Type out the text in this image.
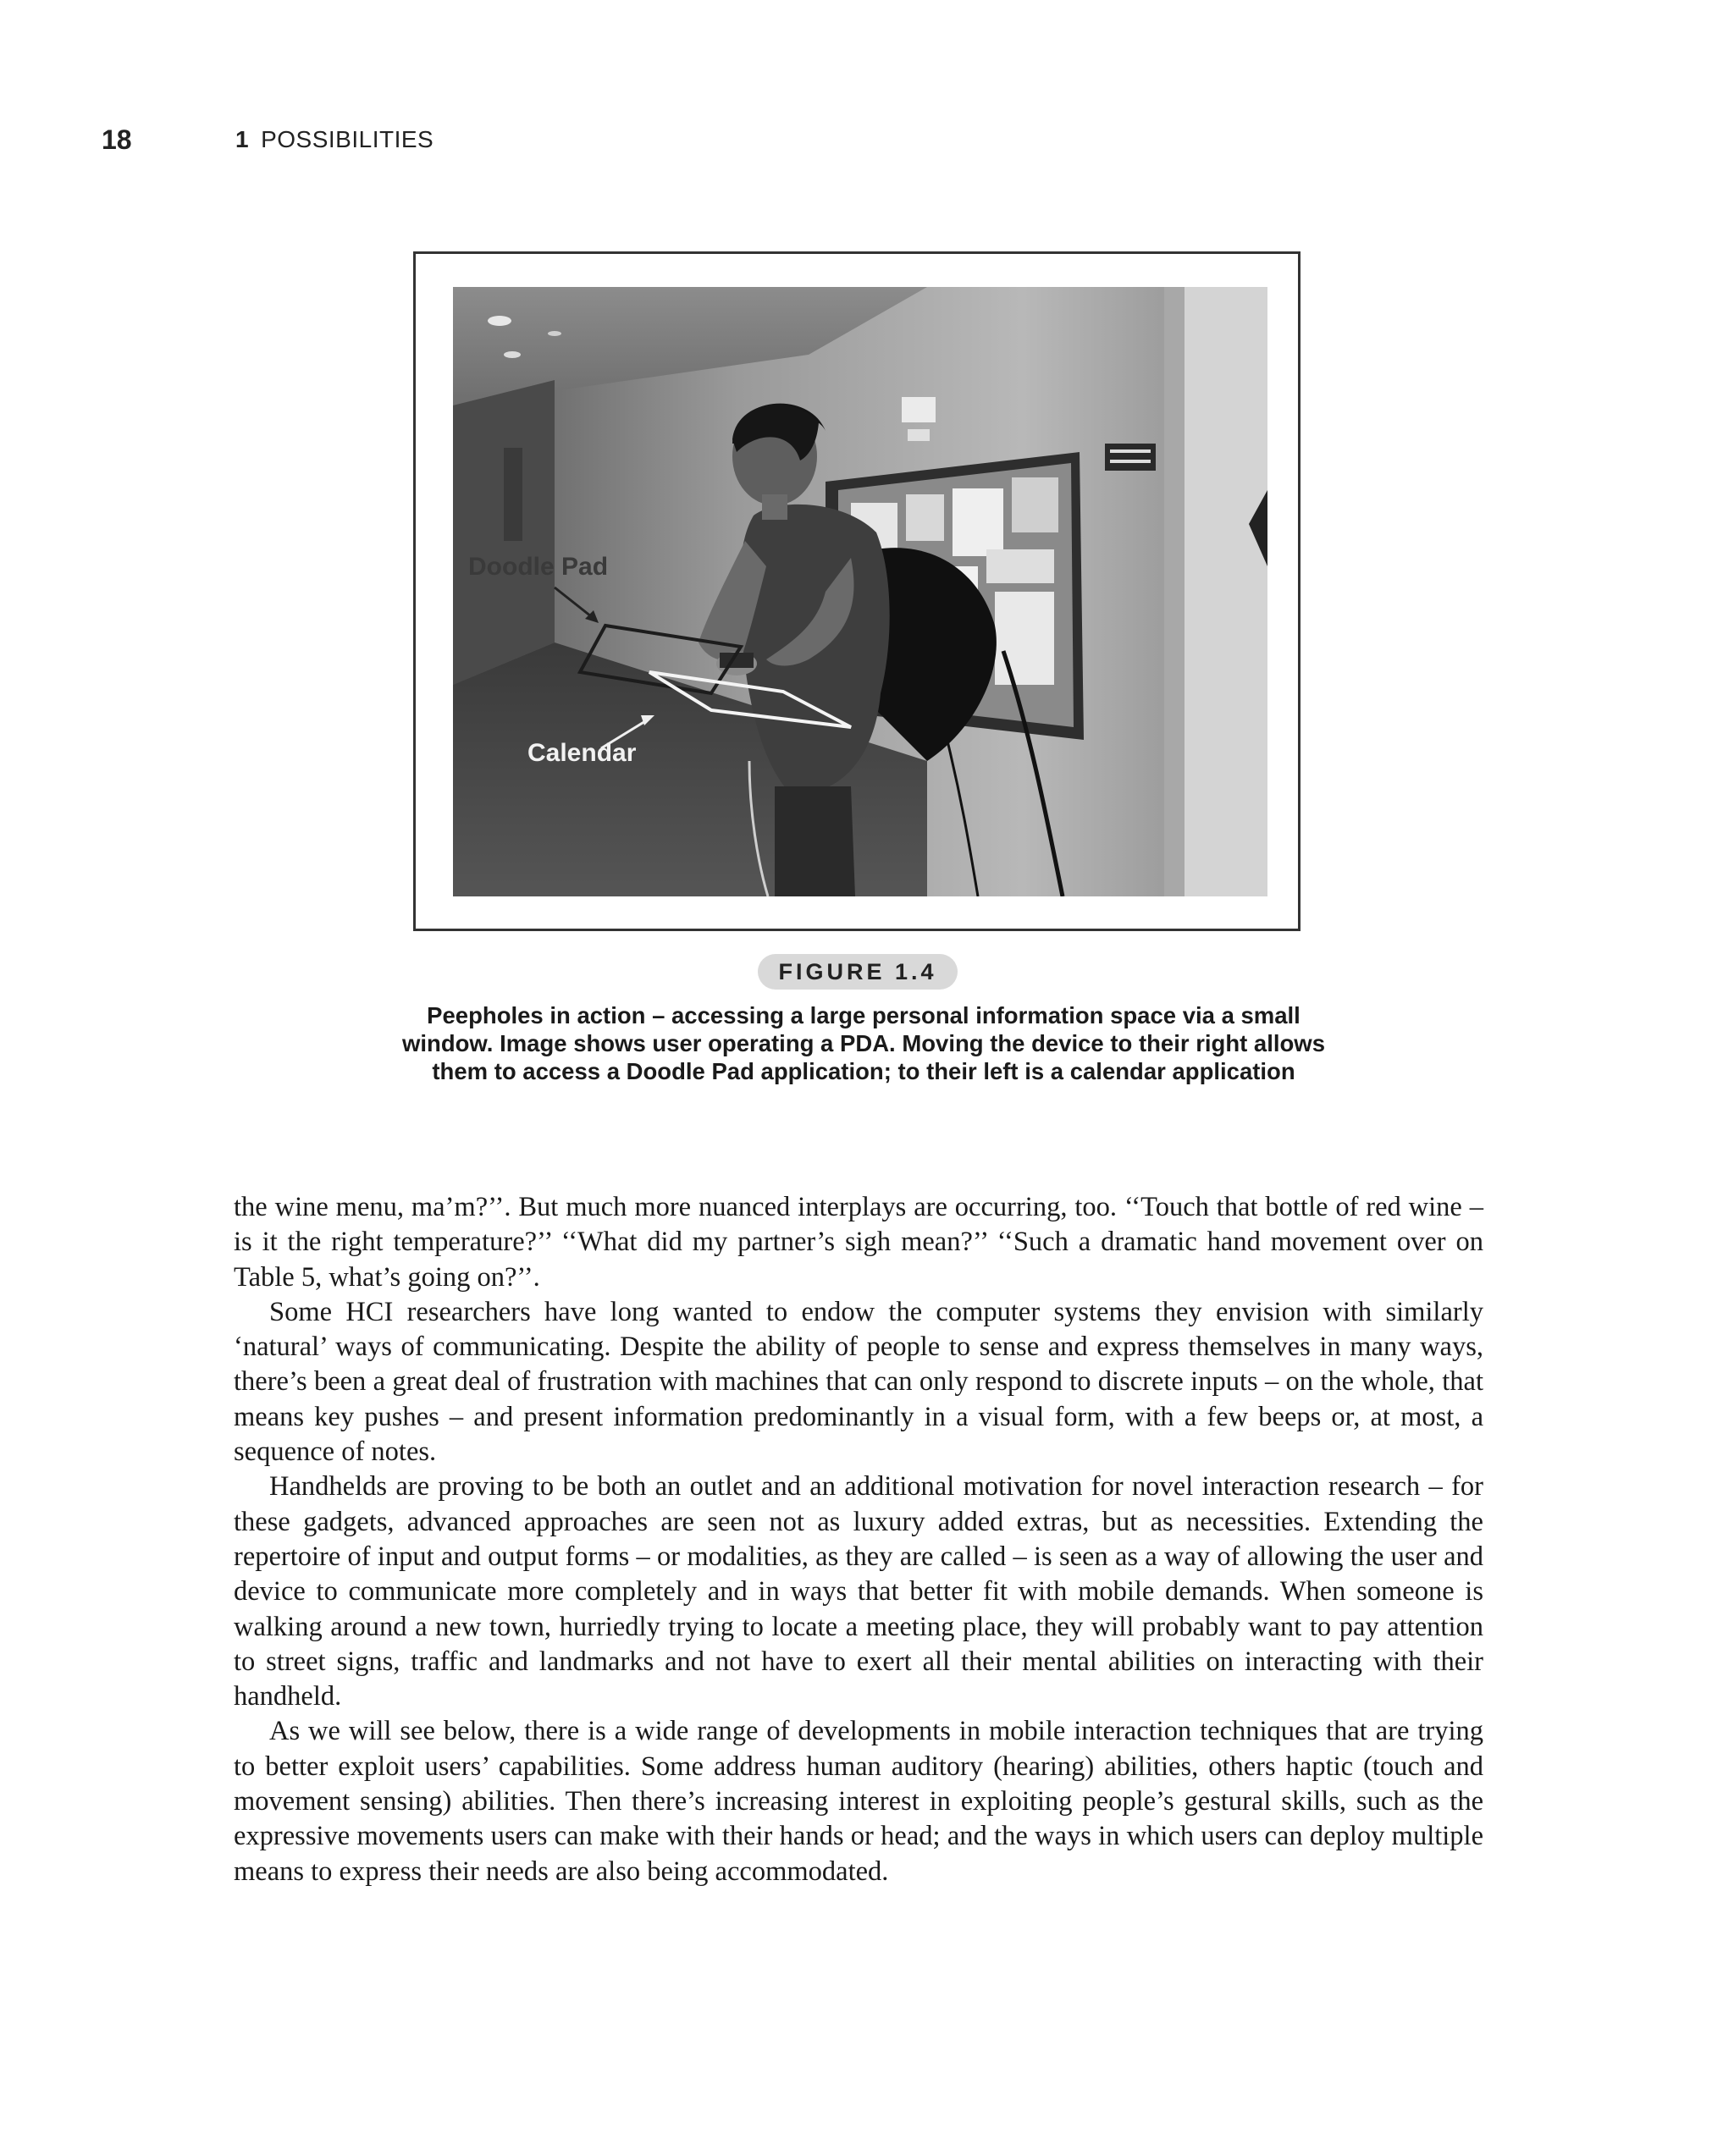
18	1 POSSIBILITIES
Doodle Pad
Calendar
FIGURE 1.4
Peepholes in action – accessing a large personal information space via a small window. Image shows user operating a PDA. Moving the device to their right allows them to access a Doodle Pad application; to their left is a calendar application

the wine menu, ma’m?’’. But much more nuanced interplays are occurring, too. ‘‘Touch that bottle of red wine – is it the right temperature?’’ ‘‘What did my partner’s sigh mean?’’ ‘‘Such a dramatic hand movement over on Table 5, what’s going on?’’.

Some HCI researchers have long wanted to endow the computer systems they envision with similarly ‘natural’ ways of communicating. Despite the ability of people to sense and express themselves in many ways, there’s been a great deal of frustration with machines that can only respond to discrete inputs – on the whole, that means key pushes – and present information predominantly in a visual form, with a few beeps or, at most, a sequence of notes.

Handhelds are proving to be both an outlet and an additional motivation for novel interaction research – for these gadgets, advanced approaches are seen not as luxury added extras, but as necessities. Extending the repertoire of input and output forms – or modalities, as they are called – is seen as a way of allowing the user and device to communicate more completely and in ways that better fit with mobile demands. When someone is walking around a new town, hurriedly trying to locate a meeting place, they will probably want to pay attention to street signs, traffic and landmarks and not have to exert all their mental abilities on interacting with their handheld.

As we will see below, there is a wide range of developments in mobile interaction techniques that are trying to better exploit users’ capabilities. Some address human auditory (hearing) abilities, others haptic (touch and movement sensing) abilities. Then there’s increasing interest in exploiting people’s gestural skills, such as the expressive movements users can make with their hands or head; and the ways in which users can deploy multiple means to express their needs are also being accommodated.
